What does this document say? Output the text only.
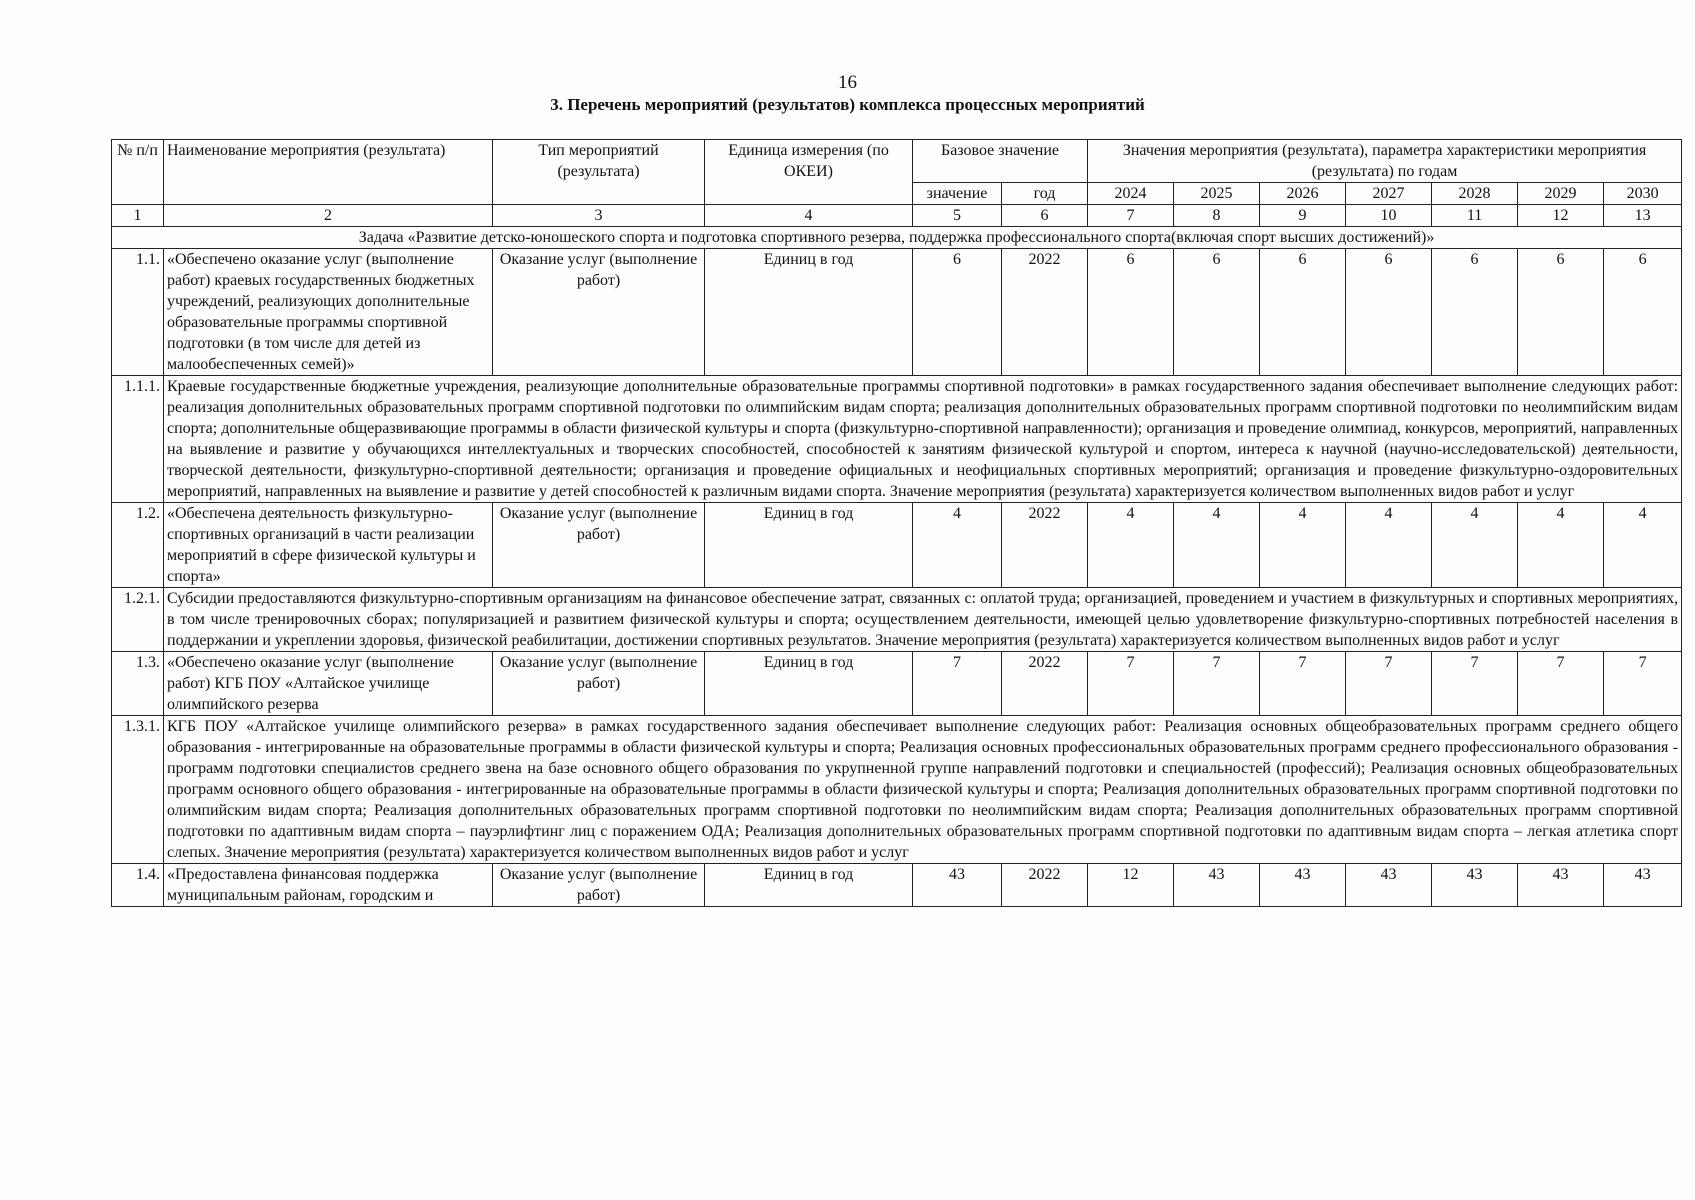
16
3. Перечень мероприятий (результатов) комплекса процессных мероприятий
№ п/п	Наименование мероприятия (результата)	Тип мероприятий (результата)	Единица измерения (по ОКЕИ)	Базовое значение		Значения мероприятия (результата), параметра характеристики мероприятия (результата) по годам						
				значение	год	2024	2025	2026	2027	2028	2029	2030
1	2	3	4	5	6	7	8	9	10	11	12	13
Задача «Развитие детско-юношеского спорта и подготовка спортивного резерва, поддержка профессионального спорта(включая спорт высших достижений)»												
1.1.	«Обеспечено оказание услуг (выполнение работ) краевых государственных бюджетных учреждений, реализующих дополнительные образовательные программы спортивной подготовки (в том числе для детей из малообеспеченных семей)»	Оказание услуг (выполнение работ)	Единиц в год	6	2022	6	6	6	6	6	6	6
1.1.1.	Краевые государственные бюджетные учреждения, реализующие дополнительные образовательные программы спортивной подготовки» в рамках государственного задания обеспечивает выполнение следующих работ: реализация дополнительных образовательных программ спортивной подготовки по олимпийским видам спорта; реализация дополнительных образовательных программ спортивной подготовки по неолимпийским видам спорта; дополнительные общеразвивающие программы в области физической культуры и спорта (физкультурно-спортивной направленности); организация и проведение олимпиад, конкурсов, мероприятий, направленных на выявление и развитие у обучающихся интеллектуальных и творческих способностей, способностей к занятиям физической культурой и спортом, интереса к научной (научно-исследовательской) деятельности, творческой деятельности, физкультурно-спортивной деятельности; организация и проведение официальных и неофициальных спортивных мероприятий; организация и проведение физкультурно-оздоровительных мероприятий, направленных на выявление и развитие у детей способностей к различным видами спорта. Значение мероприятия (результата) характеризуется количеством выполненных видов работ и услуг											
1.2.	«Обеспечена деятельность физкультурно-спортивных организаций в части реализации мероприятий в сфере физической культуры и спорта»	Оказание услуг (выполнение работ)	Единиц в год	4	2022	4	4	4	4	4	4	4
1.2.1.	Субсидии предоставляются физкультурно-спортивным организациям на финансовое обеспечение затрат, связанных с: оплатой труда; организацией, проведением и участием в физкультурных и спортивных мероприятиях, в том числе тренировочных сборах; популяризацией и развитием физической культуры и спорта; осуществлением деятельности, имеющей целью удовлетворение физкультурно-спортивных потребностей населения в поддержании и укреплении здоровья, физической реабилитации, достижении спортивных результатов. Значение мероприятия (результата) характеризуется количеством выполненных видов работ и услуг											
1.3.	«Обеспечено оказание услуг (выполнение работ) КГБ ПОУ «Алтайское училище олимпийского резерва	Оказание услуг (выполнение работ)	Единиц в год	7	2022	7	7	7	7	7	7	7
1.3.1.	КГБ ПОУ «Алтайское училище олимпийского резерва» в рамках государственного задания обеспечивает выполнение следующих работ: Реализация основных общеобразовательных программ среднего общего образования - интегрированные на образовательные программы в области физической культуры и спорта; Реализация основных профессиональных образовательных программ среднего профессионального образования - программ подготовки специалистов среднего звена на базе основного общего образования по укрупненной группе направлений подготовки и специальностей (профессий); Реализация основных общеобразовательных программ основного общего образования - интегрированные на образовательные программы в области физической культуры и спорта; Реализация дополнительных образовательных программ спортивной подготовки по олимпийским видам спорта; Реализация дополнительных образовательных программ спортивной подготовки по неолимпийским видам спорта; Реализация дополнительных образовательных программ спортивной подготовки по адаптивным видам спорта – пауэрлифтинг лиц с поражением ОДА; Реализация дополнительных образовательных программ спортивной подготовки по адаптивным видам спорта – легкая атлетика спорт слепых. Значение мероприятия (результата) характеризуется количеством выполненных видов работ и услуг											
1.4.	«Предоставлена финансовая поддержка муниципальным районам, городским и	Оказание услуг (выполнение работ)	Единиц в год	43	2022	12	43	43	43	43	43	43
